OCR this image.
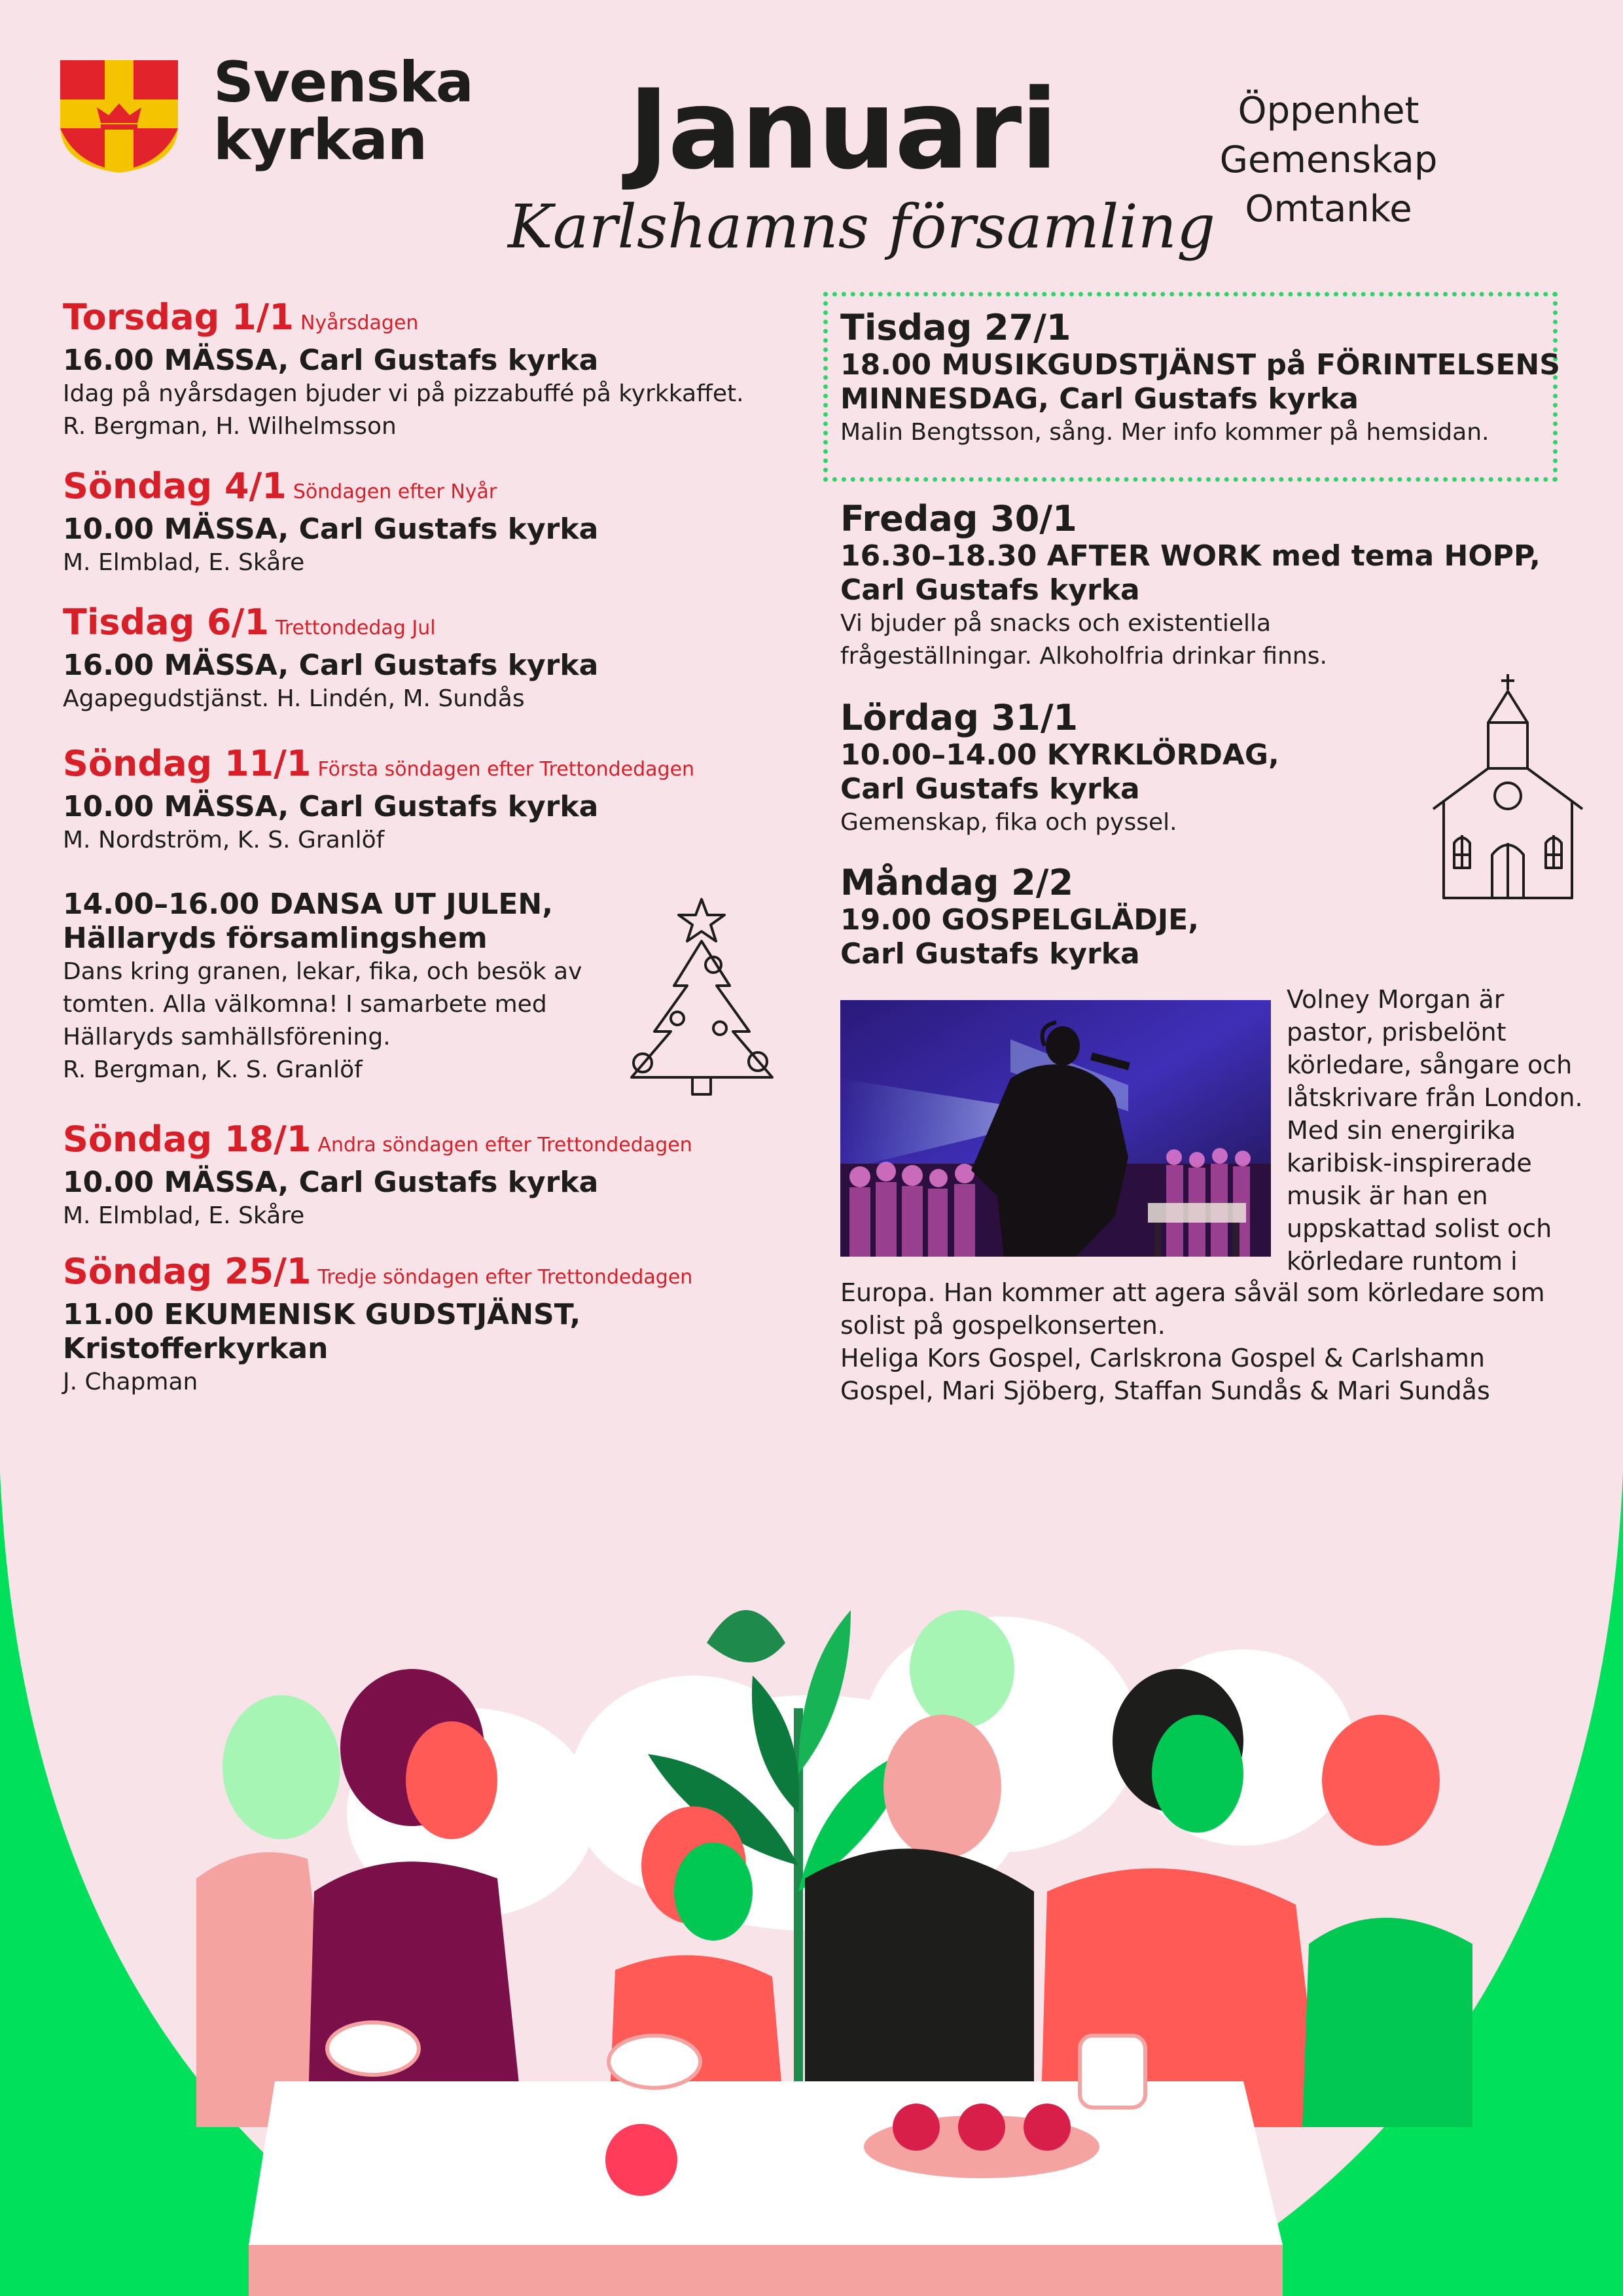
Svenska
kyrkan	Januari
Karlshamns församling
Öppenhet
Gemenskap
Omtanke
Torsdag 1/1 Nyårsdagen
16.00 MÄSSA, Carl Gustafs kyrka
Idag på nyårsdagen bjuder vi på pizzabuffé på kyrkkaffet.
R. Bergman, H. Wilhelmsson
Söndag 4/1 Söndagen efter Nyår
10.00 MÄSSA, Carl Gustafs kyrka
M. Elmblad, E. Skåre
Tisdag 6/1 Trettondedag Jul
16.00 MÄSSA, Carl Gustafs kyrka
Agapegudstjänst. H. Lindén, M. Sundås
Söndag 11/1 Första söndagen efter Trettondedagen
10.00 MÄSSA, Carl Gustafs kyrka
M. Nordström, K. S. Granlöf
14.00–16.00 DANSA UT JULEN,
Hällaryds församlingshem
Dans kring granen, lekar, fika, och besök av
tomten. Alla välkomna! I samarbete med
Hällaryds samhällsförening.
R. Bergman, K. S. Granlöf
Söndag 18/1 Andra söndagen efter Trettondedagen
10.00 MÄSSA, Carl Gustafs kyrka
M. Elmblad, E. Skåre
Söndag 25/1 Tredje söndagen efter Trettondedagen
11.00 EKUMENISK GUDSTJÄNST,
Kristofferkyrkan
J. Chapman
Tisdag 27/1
18.00 MUSIKGUDSTJÄNST på FÖRINTELSENS
MINNESDAG, Carl Gustafs kyrka
Malin Bengtsson, sång. Mer info kommer på hemsidan.
Fredag 30/1
16.30–18.30 AFTER WORK med tema HOPP,
Carl Gustafs kyrka
Vi bjuder på snacks och existentiella
frågeställningar. Alkoholfria drinkar finns.
Lördag 31/1
10.00–14.00 KYRKLÖRDAG,
Carl Gustafs kyrka
Gemenskap, fika och pyssel.
Måndag 2/2
19.00 GOSPELGLÄDJE,
Carl Gustafs kyrka
Volney Morgan är
pastor, prisbelönt
körledare, sångare och
låtskrivare från London.
Med sin energirika
karibisk-inspirerade
musik är han en
uppskattad solist och
körledare runtom i
Europa. Han kommer att agera såväl som körledare som
solist på gospelkonserten.
Heliga Kors Gospel, Carlskrona Gospel & Carlshamn
Gospel, Mari Sjöberg, Staffan Sundås & Mari Sundås
